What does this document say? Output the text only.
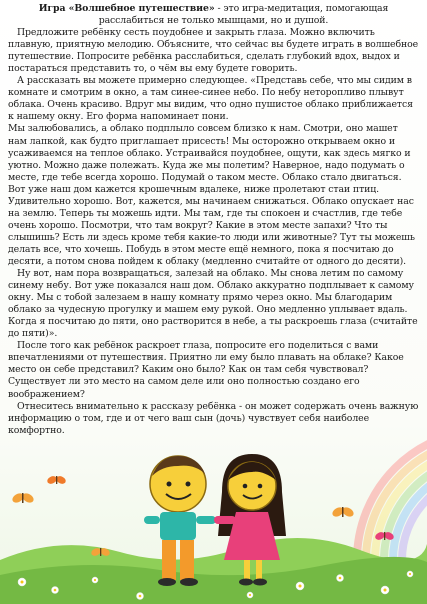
Игра «Волшебное путешествие» - это игра-медитация, помогающая

расслабиться не только мышцами, но и душой.

Предложите ребёнку сесть поудобнее и закрыть глаза. Можно включить плавную, приятную мелодию. Объясните, что сейчас вы будете играть в волшебное путешествие. Попросите ребёнка расслабиться, сделать глубокий вдох, выдох и постараться представить то, о чём вы ему будете говорить.

А рассказать вы можете примерно следующее. «Представь себе, что мы сидим в комнате и смотрим в окно, а там синее-синее небо. По небу неторопливо плывут облака. Очень красиво. Вдруг мы видим, что одно пушистое облако приближается к нашему окну. Его форма напоминает пони.

Мы залюбовались, а облако подплыло совсем близко к нам. Смотри, оно машет нам лапкой, как будто приглашает присесть! Мы осторожно открываем окно и усаживаемся на теплое облако. Устраивайся поудобнее, ощути, как здесь мягко и уютно. Можно даже полежать. Куда же мы полетим? Наверное, надо подумать о месте, где тебе всегда хорошо. Подумай о таком месте. Облако стало двигаться. Вот уже наш дом кажется крошечным вдалеке, ниже пролетают стаи птиц. Удивительно хорошо. Вот, кажется, мы начинаем снижаться. Облако опускает нас на землю. Теперь ты можешь идти. Мы там, где ты спокоен и счастлив, где тебе очень хорошо. Посмотри, что там вокруг? Какие в этом месте запахи? Что ты слышишь? Есть ли здесь кроме тебя какие-то люди или животные? Тут ты можешь делать все, что хочешь. Побудь в этом месте ещё немного, пока я посчитаю до десяти, а потом снова пойдем к облаку (медленно считайте от одного до десяти).

Ну вот, нам пора возвращаться, залезай на облако. Мы снова летим по самому синему небу. Вот уже показался наш дом. Облако аккуратно подплывает к самому окну. Мы с тобой залезаем в нашу комнату прямо через окно. Мы благодарим облако за чудесную прогулку и машем ему рукой. Оно медленно уплывает вдаль. Когда я посчитаю до пяти, оно растворится в небе, а ты раскроешь глаза (считайте до пяти)».

После того как ребёнок раскроет глаза, попросите его поделиться с вами впечатлениями от путешествия. Приятно ли ему было плавать на облаке? Какое место он себе представил? Каким оно было? Как он там себя чувствовал? Существует ли это место на самом деле или оно полностью создано его воображением?

Отнеситесь внимательно к рассказу ребёнка - он может содержать очень важную информацию о том, где и от чего ваш сын (дочь) чувствует себя наиболее комфортно.
